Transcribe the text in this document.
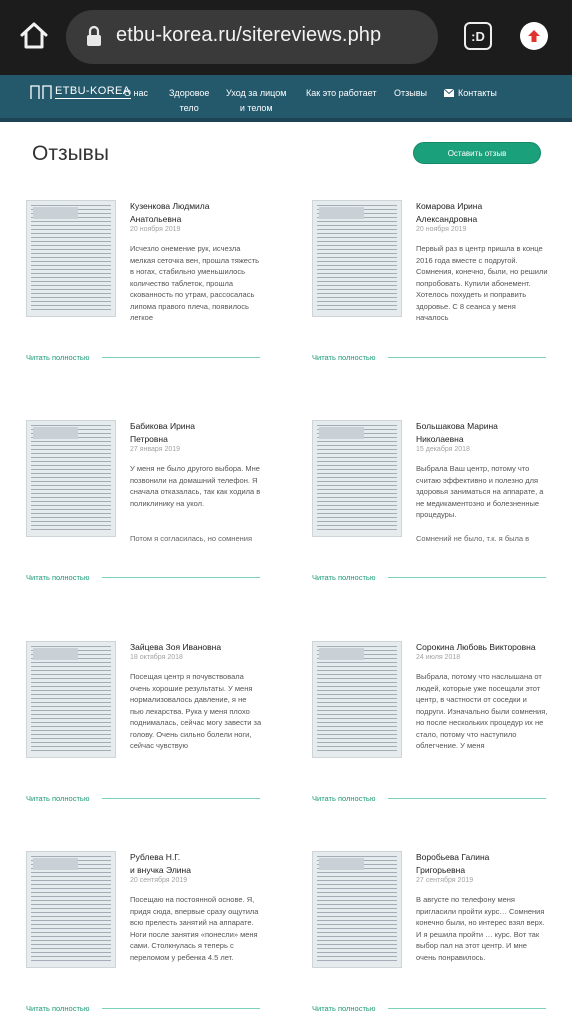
etbu-korea.ru/sitereviews.php	:D
ETBU-KOREA
О нас Здоровое
тело
Уход за лицом
и телом
Как это работает Отзывы	Контакты
Отзывы	Оставить отзыв
Кузенкова Людмила
Анатольевна
20 ноября 2019
Исчезло онемение рук, исчезла мелкая сеточка вен, прошла тяжесть в ногах, стабильно уменьшилось количество таблеток, прошла скованность по утрам, рассосалась липома правого плеча, появилось легкое
Читать полностью
Комарова Ирина
Александровна
20 ноября 2019
Первый раз в центр пришла в конце 2016 года вместе с подругой. Сомнения, конечно, были, но решили попробовать. Купили абонемент. Хотелось похудеть и поправить здоровье. С 8 сеанса у меня началось
Читать полностью
Бабикова Ирина
Петровна
27 января 2019
У меня не было другого выбора. Мне позвонили на домашний телефон. Я сначала отказалась, так как ходила в поликлинику на укол.
Потом я согласилась, но сомнения
Читать полностью
Большакова Марина
Николаевна
15 декабря 2018
Выбрала Ваш центр, потому что считаю эффективно и полезно для здоровья заниматься на аппарате, а не медикаментозно и болезненные процедуры.
Сомнений не было, т.к. я была в
Читать полностью
Зайцева Зоя Ивановна
18 октября 2018
Посещая центр я почувствовала очень хорошие результаты. У меня нормализовалось давление, я не пью лекарства. Рука у меня плохо поднималась, сейчас могу завести за голову. Очень сильно болели ноги, сейчас чувствую
Читать полностью
Сорокина Любовь Викторовна
24 июля 2018
Выбрала, потому что наслышана от людей, которые уже посещали этот центр, в частности от соседки и подруги. Изначально были сомнения, но после нескольких процедур их не стало, потому что наступило облегчение. У меня
Читать полностью
Рублева Н.Г.
и внучка Элина
20 сентября 2019
Посещаю на постоянной основе. Я, придя сюда, впервые сразу ощутила всю прелесть занятий на аппарате. Ноги после занятия «понесли» меня сами. Столкнулась я теперь с переломом у ребенка 4.5 лет.
Читать полностью
Воробьева Галина
Григорьевна
27 сентября 2019
В августе по телефону меня пригласили пройти курс… Сомнения конечно были, но интерес взял верх. И я решила пройти … курс. Вот так выбор пал на этот центр. И мне очень понравилось.
Читать полностью
